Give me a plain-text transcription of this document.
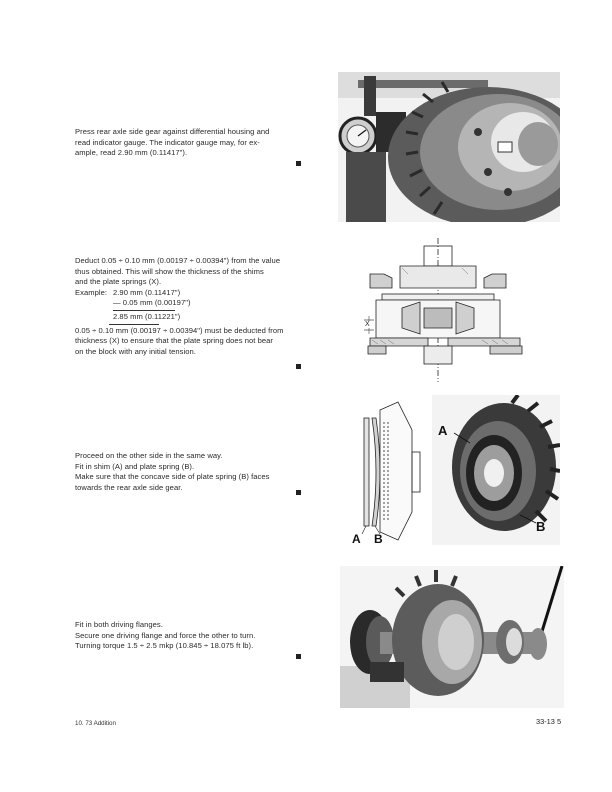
Press rear axle side gear against differential housing and

read indicator gauge. The indicator gauge may, for ex-

ample, read 2.90 mm (0.11417").

Deduct 0.05 ÷ 0.10 mm (0.00197 ÷ 0.00394") from the value

thus obtained. This will show the thickness of the shims

and the plate springs (X).

Example: 2.90 mm (0.11417")
— 0.05 mm (0.00197")
2.85 mm (0.11221")

0.05 ÷ 0.10 mm (0.00197 ÷ 0.00394") must be deducted from

thickness (X) to ensure that the plate spring does not bear

on the block with any initial tension.

X

Proceed on the other side in the same way.

Fit in shim (A) and plate spring (B).

Make sure that the concave side of plate spring (B) faces

towards the rear axle side gear.

A B
A
B

Fit in both driving flanges.

Secure one driving flange and force the other to turn.

Turning torque 1.5 ÷ 2.5 mkp (10.845 ÷ 18.075 ft lb).

10. 73 Addition	33-13 5
